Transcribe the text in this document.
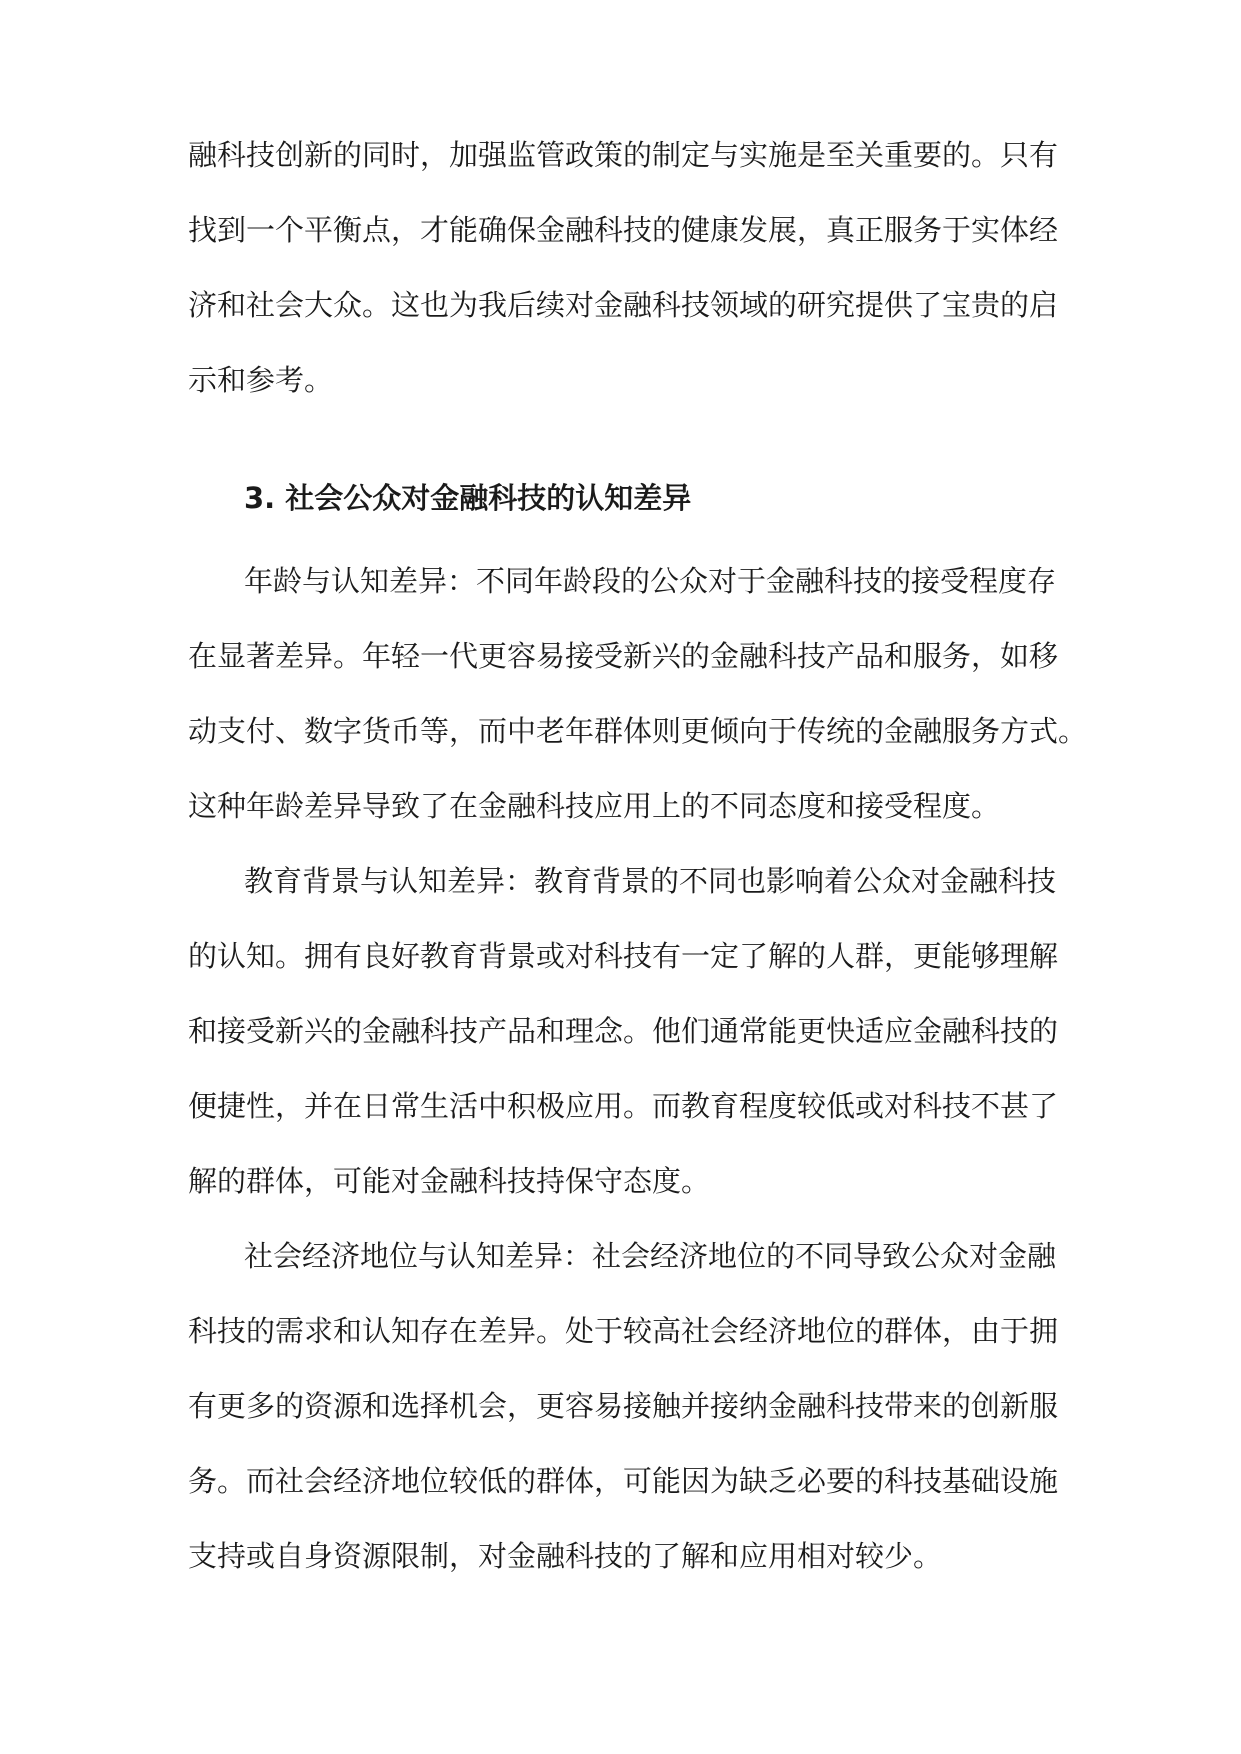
融科技创新的同时，加强监管政策的制定与实施是至关重要的。只有
找到一个平衡点，才能确保金融科技的健康发展，真正服务于实体经
济和社会大众。这也为我后续对金融科技领域的研究提供了宝贵的启
示和参考。
3. 社会公众对金融科技的认知差异
年龄与认知差异：不同年龄段的公众对于金融科技的接受程度存
在显著差异。年轻一代更容易接受新兴的金融科技产品和服务，如移
动支付、数字货币等，而中老年群体则更倾向于传统的金融服务方式。
这种年龄差异导致了在金融科技应用上的不同态度和接受程度。
教育背景与认知差异：教育背景的不同也影响着公众对金融科技
的认知。拥有良好教育背景或对科技有一定了解的人群，更能够理解
和接受新兴的金融科技产品和理念。他们通常能更快适应金融科技的
便捷性，并在日常生活中积极应用。而教育程度较低或对科技不甚了
解的群体，可能对金融科技持保守态度。
社会经济地位与认知差异：社会经济地位的不同导致公众对金融
科技的需求和认知存在差异。处于较高社会经济地位的群体，由于拥
有更多的资源和选择机会，更容易接触并接纳金融科技带来的创新服
务。而社会经济地位较低的群体，可能因为缺乏必要的科技基础设施
支持或自身资源限制，对金融科技的了解和应用相对较少。
